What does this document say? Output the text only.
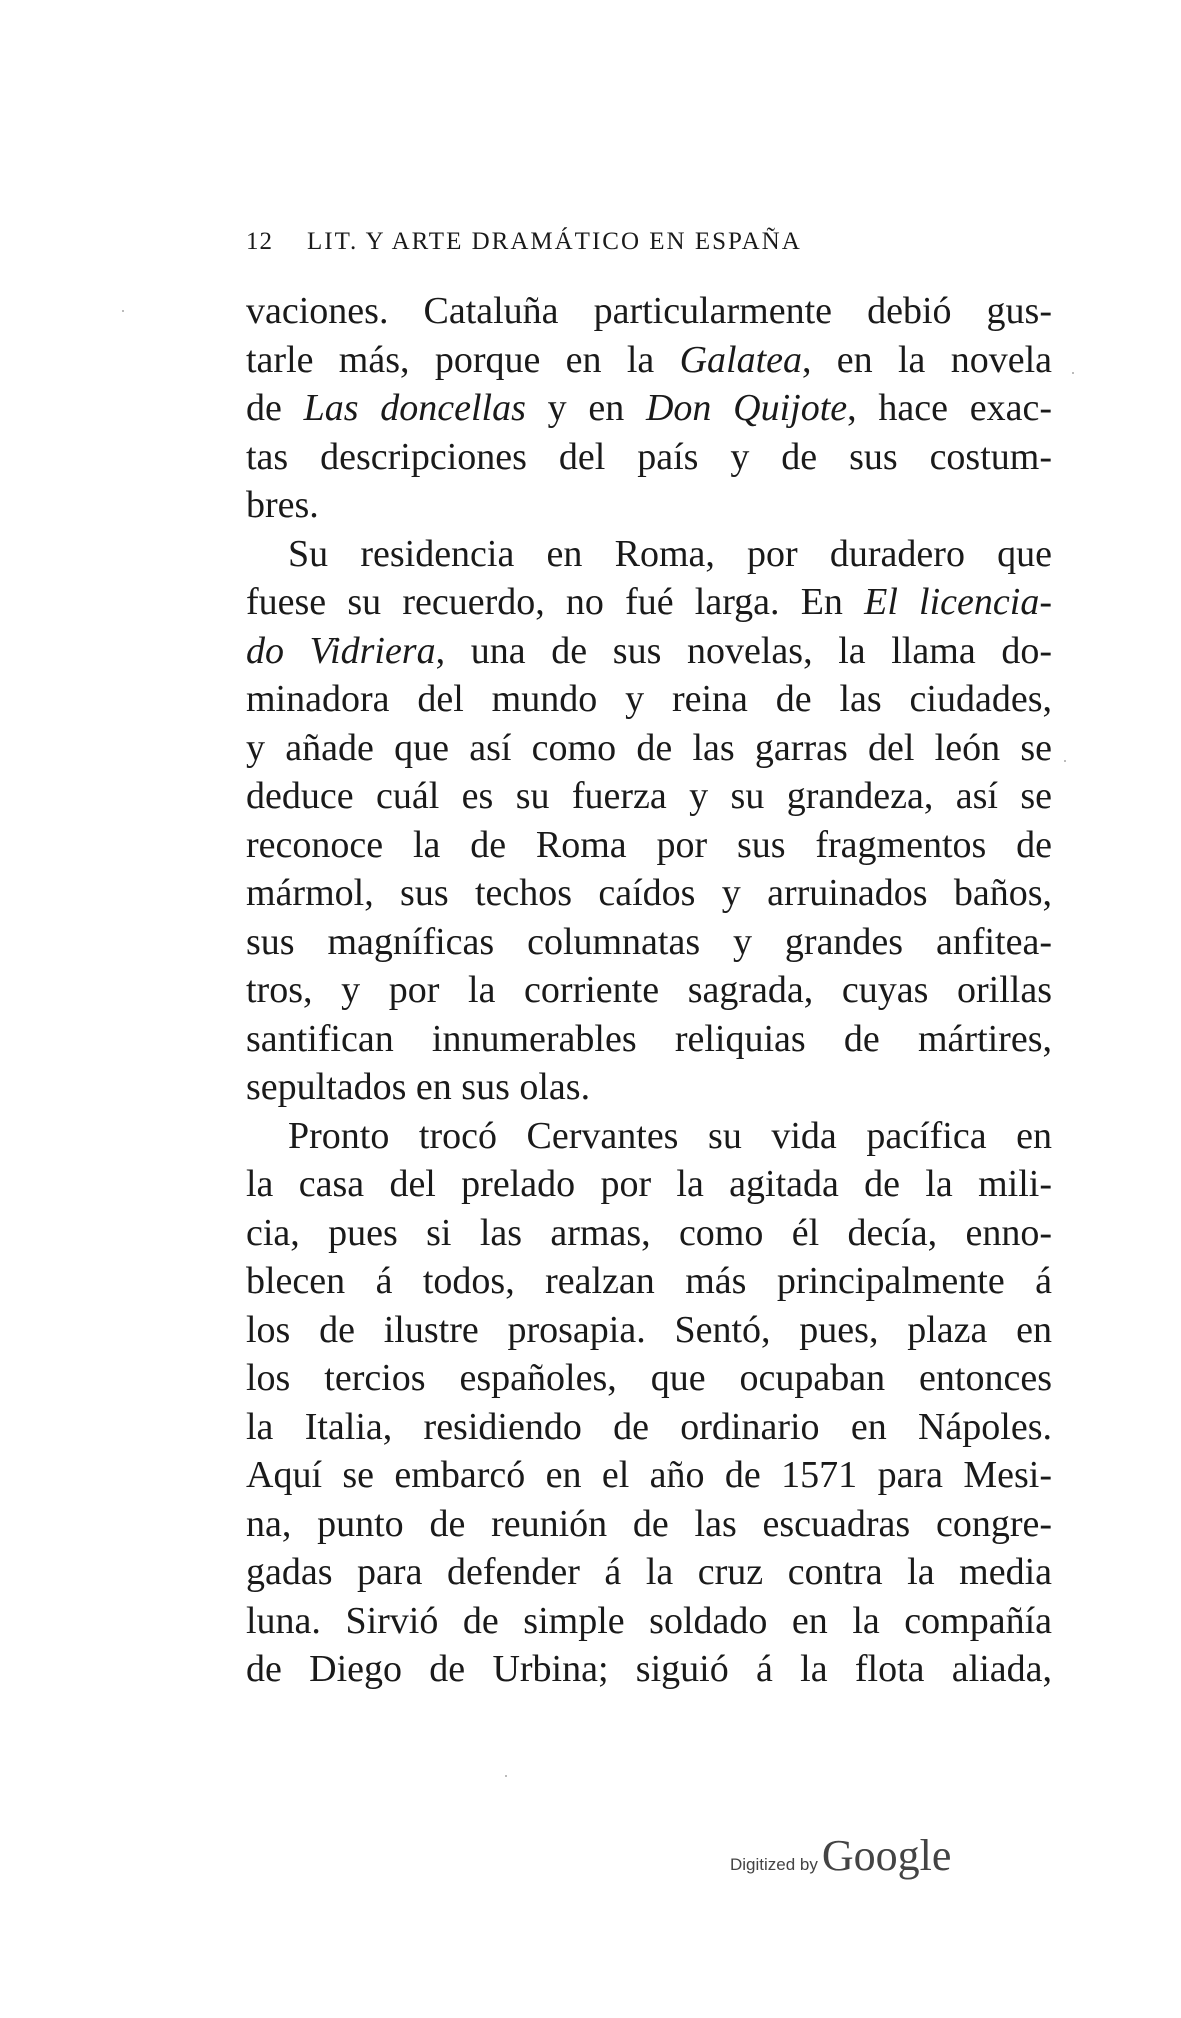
12 LIT. Y ARTE DRAMÁTICO EN ESPAÑA
vaciones. Cataluña particularmente debió gus-
tarle más, porque en la Galatea, en la novela
de Las doncellas y en Don Quijote, hace exac-
tas descripciones del país y de sus costum-
bres.
Su residencia en Roma, por duradero que
fuese su recuerdo, no fué larga. En El licencia-
do Vidriera, una de sus novelas, la llama do-
minadora del mundo y reina de las ciudades,
y añade que así como de las garras del león se
deduce cuál es su fuerza y su grandeza, así se
reconoce la de Roma por sus fragmentos de
mármol, sus techos caídos y arruinados baños,
sus magníficas columnatas y grandes anfitea-
tros, y por la corriente sagrada, cuyas orillas
santifican innumerables reliquias de mártires,
sepultados en sus olas.
Pronto trocó Cervantes su vida pacífica en
la casa del prelado por la agitada de la mili-
cia, pues si las armas, como él decía, enno-
blecen á todos, realzan más principalmente á
los de ilustre prosapia. Sentó, pues, plaza en
los tercios españoles, que ocupaban entonces
la Italia, residiendo de ordinario en Nápoles.
Aquí se embarcó en el año de 1571 para Mesi-
na, punto de reunión de las escuadras congre-
gadas para defender á la cruz contra la media
luna. Sirvió de simple soldado en la compañía
de Diego de Urbina; siguió á la flota aliada,
Digitized by Google
